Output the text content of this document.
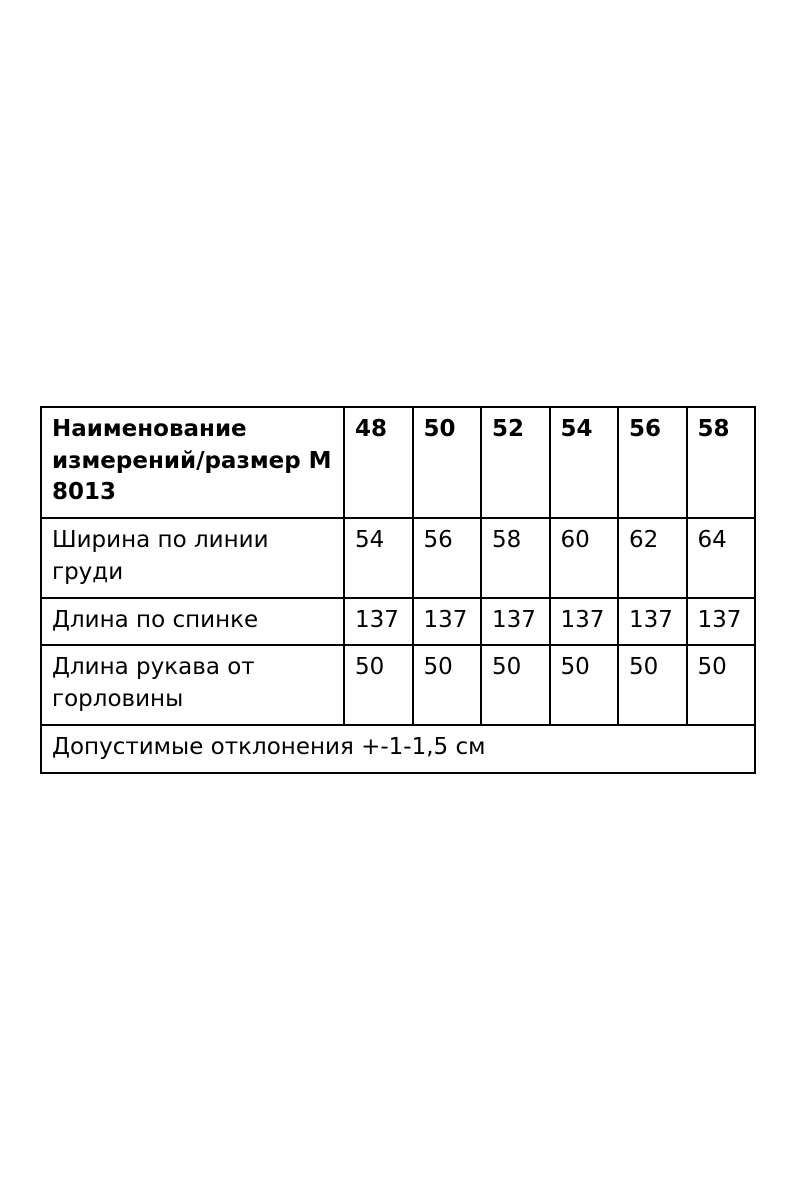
Наименование измерений/размер М 8013	48	50	52	54	56	58
Ширина по линии груди	54	56	58	60	62	64
Длина по спинке	137	137	137	137	137	137
Длина рукава от горловины	50	50	50	50	50	50
Допустимые отклонения +-1-1,5 см						
